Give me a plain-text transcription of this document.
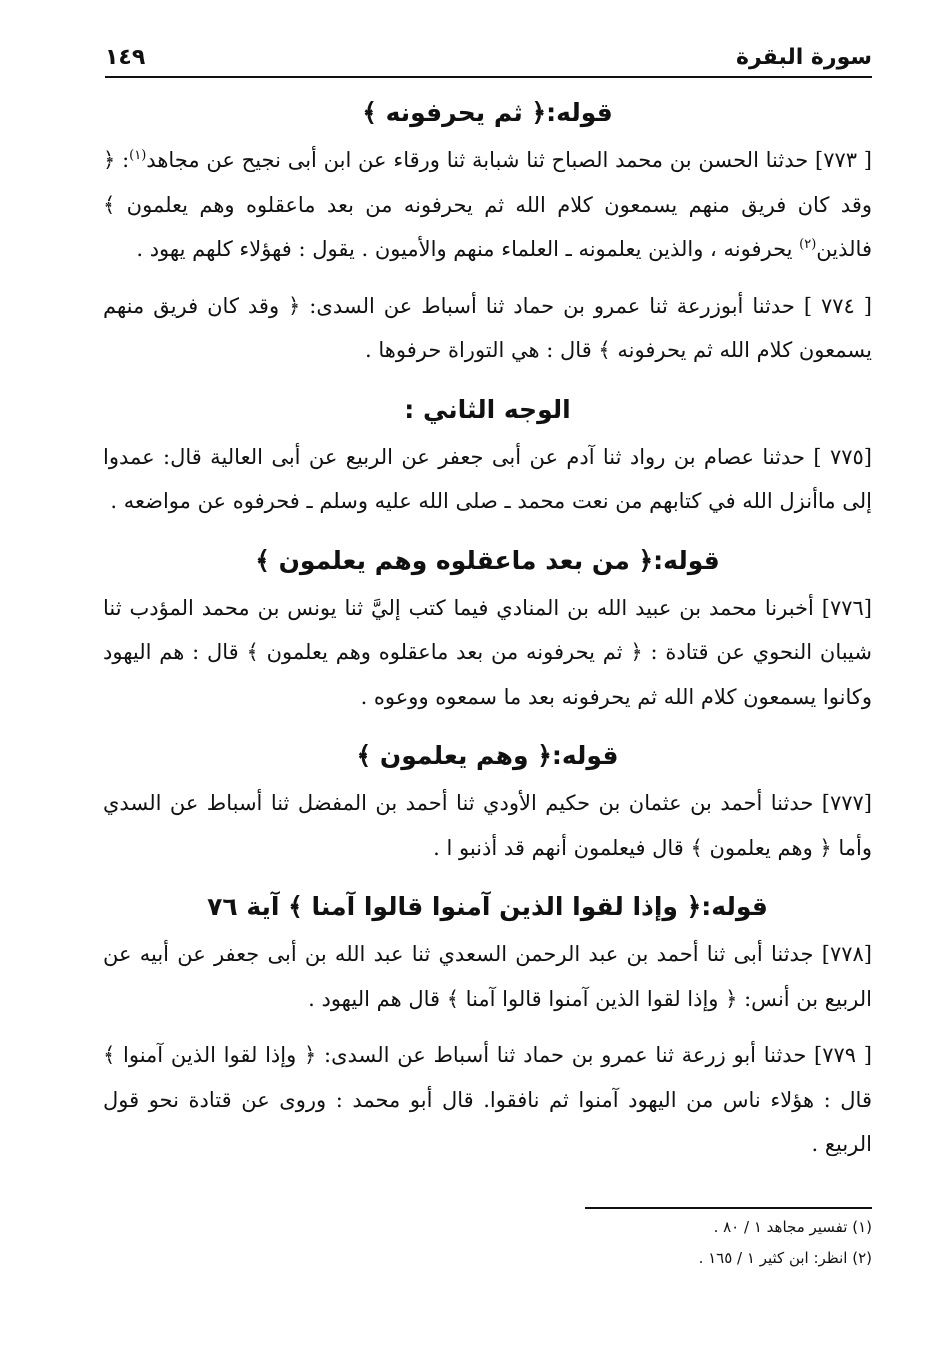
سورة البقرة
١٤٩
قوله:﴿ ثم يحرفونه ﴾

[ ٧٧٣] حدثنا الحسن بن محمد الصباح ثنا شبابة ثنا ورقاء عن ابن أبى نجيح عن مجاهد$^{(١)}$: ﴿ وقد كان فريق منهم يسمعون كلام الله ثم يحرفونه من بعد ماعقلوه وهم يعلمون ﴾ فالذين$^{(٢)}$ يحرفونه ، والذين يعلمونه ـ العلماء منهم والأميون . يقول : فهؤلاء كلهم يهود .

[ ٧٧٤ ] حدثنا أبوزرعة ثنا عمرو بن حماد ثنا أسباط عن السدى: ﴿ وقد كان فريق منهم يسمعون كلام الله ثم يحرفونه ﴾ قال : هي التوراة حرفوها .

الوجه الثاني :

[٧٧٥ ] حدثنا عصام بن رواد ثنا آدم عن أبى جعفر عن الربيع عن أبى العالية قال: عمدوا إلى ماأنزل الله في كتابهم من نعت محمد ـ صلى الله عليه وسلم ـ فحرفوه عن مواضعه .

قوله:﴿ من بعد ماعقلوه وهم يعلمون ﴾

[٧٧٦] أخبرنا محمد بن عبيد الله بن المنادي فيما كتب إليَّ ثنا يونس بن محمد المؤدب ثنا شيبان النحوي عن قتادة : ﴿ ثم يحرفونه من بعد ماعقلوه وهم يعلمون ﴾ قال : هم اليهود وكانوا يسمعون كلام الله ثم يحرفونه بعد ما سمعوه ووعوه .

قوله:﴿ وهم يعلمون ﴾

[٧٧٧] حدثنا أحمد بن عثمان بن حكيم الأودي ثنا أحمد بن المفضل ثنا أسباط عن السدي وأما ﴿ وهم يعلمون ﴾ قال فيعلمون أنهم قد أذنبو ا .

قوله:﴿ وإذا لقوا الذين آمنوا قالوا آمنا ﴾ آية ٧٦

[٧٧٨] جدثنا أبى ثنا أحمد بن عبد الرحمن السعدي ثنا عبد الله بن أبى جعفر عن أبيه عن الربيع بن أنس: ﴿ وإذا لقوا الذين آمنوا قالوا آمنا ﴾ قال هم اليهود .

[ ٧٧٩] حدثنا أبو زرعة ثنا عمرو بن حماد ثنا أسباط عن السدى: ﴿ وإذا لقوا الذين آمنوا ﴾ قال : هؤلاء ناس من اليهود آمنوا ثم نافقوا. قال أبو محمد : وروى عن قتادة نحو قول الربيع .

(١) تفسير مجاهد ١ / ٨٠ .
(٢) انظر: ابن كثير ١ / ١٦٥ .
